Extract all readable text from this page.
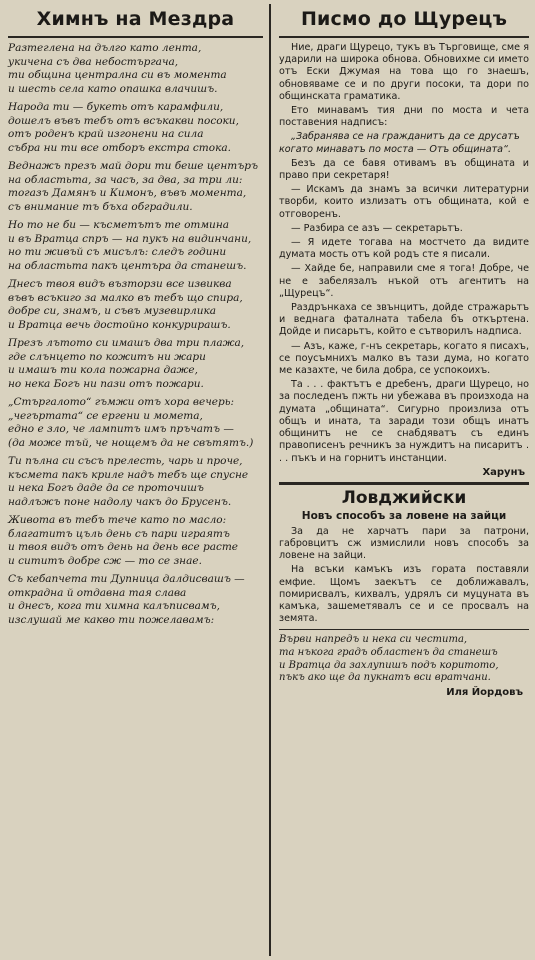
Химнъ на Мездра

Разтеглена на дълго като лента,
укичена съ два небостъргача,
ти община централна си въ момента
и шесть села като опашка влачишъ.

Народа ти — букеть отъ карамфили,
дошелъ въвъ тебъ отъ всъкакви посоки,
отъ роденъ край изгонени на сила
събра ни ти все отборъ екстра стока.

Веднажъ презъ май дори ти беше центъръ
на областьта, за часъ, за два, за три ли:
тогазъ Дамянъ и Кимонъ, въвъ момента,
съ внимание тъ бъха обградили.

Но то не би — късметътъ те отмина
и въ Вратца спръ — на пукъ на видинчани,
но ти живъй съ мисълъ: следъ години
на областьта пакъ центъра да станешъ.

Днесъ твоя видъ възторзи все извиква
въвъ всъкиго за малко въ тебъ що спира,
добре си, знамъ, и съвъ музевирлика
и Вратца вечь достойно конкурирашъ.

Презъ лътото си имашъ два три плажа,
где слънцето по кожитъ ни жари
и имашъ ти кола пожарна даже,
но нека Богъ ни пази отъ пожари.

„Стъргалото“ гъмжи отъ хора вечерь:
„чегъртата“ се ергени и момета,
едно е зло, че лампитъ имъ пръчатъ —
(да може тъй, че нощемъ да не свътятъ.)

Ти пълна си съсъ прелесть, чарь и проче,
късмета пакъ криле надъ тебъ ще спусне
и нека Богъ даде да се проточишъ
надлъжъ поне надолу чакъ до Брусенъ.

Живота въ тебъ тече като по масло:
благатитъ цъль день съ пари играятъ
и твоя видъ отъ день на день все расте
и сититъ добре сж — то се знае.

Съ кебапчета ти Дупница далдисвашъ —
открадна й отдавна тая слава
и днесъ, кога ти химна калъписвамъ,
изслушай ме какво ти пожелавамъ:

Писмо до Щурецъ

Ние, драги Щурецо, тукъ въ Търговище, сме я ударили на широка обнова. Обновихме си името отъ Ески Джумая на това що го знаешъ, обновяваме се и по други посоки, та дори по общинската граматика.

Ето минавамъ тия дни по моста и чета поставения надписъ:

„Забранява се на гражданитъ да се друсатъ когато минаватъ по моста — Отъ общината“.

Безъ да се бавя отивамъ въ общината и право при секретаря!

— Искамъ да знамъ за всички литературни творби, които излизатъ отъ общината, кой е отговоренъ.

— Разбира се азъ — секретарьтъ.

— Я идете тогава на мостчето да видите думата мость отъ кой родъ сте я писали.

— Хайде бе, направили сме я тога! Добре, че не е забелязалъ нъкой отъ агентитъ на „Щурецъ“.

Раздрънкаха се звънцитъ, дойде стражарьтъ и веднага фаталната табела бъ откъртена. Дойде и писарьтъ, който е сътворилъ надписа.

— Азъ, каже, г-нъ секретарь, когато я писахъ, се поусъмнихъ малко въ тази дума, но когато ме казахте, че била добра, се успокоихъ.

Та . . . фактътъ е дребенъ, драги Щурецо, но за последенъ пжть ни убежава въ произхода на думата „общината“. Сигурно произлиза отъ общъ и ината, та заради този общъ инатъ общинитъ не се снабдяватъ съ единъ правописенъ речникъ за нуждитъ на писаритъ . . . пъкъ и на горнитъ инстанции.

Харунъ
Ловджийски
Новъ способъ за ловене на зайци

За да не харчатъ пари за патрони, габровцитъ сж измислили новъ способъ за ловене на зайци.

На всъки камъкъ изъ гората поставяли емфие. Щомъ заекътъ се доближавалъ, помирисвалъ, кихвалъ, удрялъ си муцуната въ камъка, зашеметявалъ се и се просвалъ на земята.

Върви напредъ и нека си честита,
та нъкога градъ областенъ да станешъ
и Вратца да захлупишъ подъ коритото,
пъкъ ако ще да пукнатъ вси вратчани.

Иля Йордовъ
